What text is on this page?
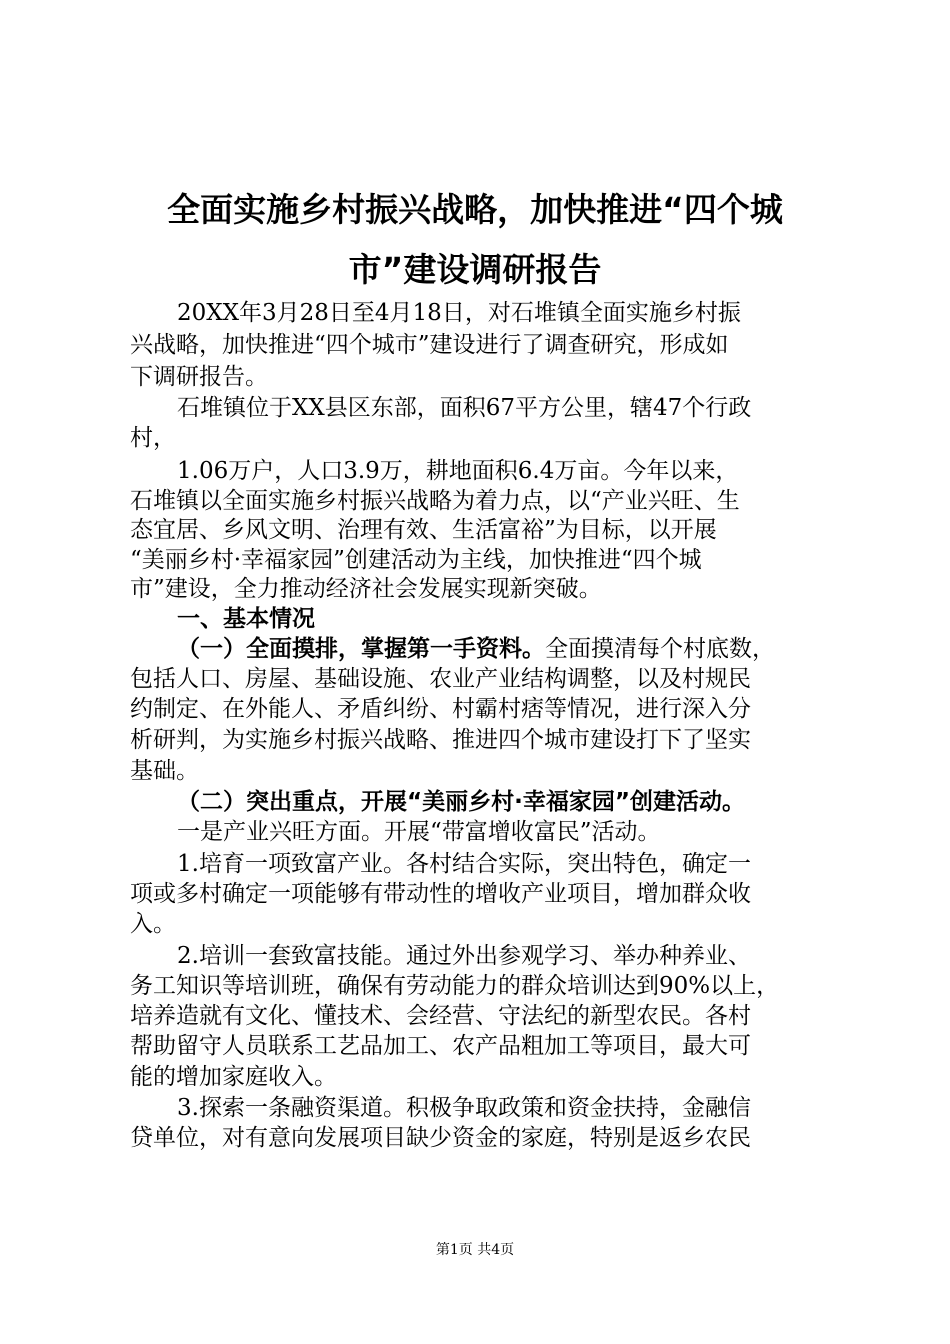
全面实施乡村振兴战略，加快推进“四个城
市”建设调研报告

20XX年3月28日至4月18日，对石堆镇全面实施乡村振

兴战略，加快推进“四个城市”建设进行了调查研究，形成如

下调研报告。

石堆镇位于XX县区东部，面积67平方公里，辖47个行政

村，

1.06万户，人口3.9万，耕地面积6.4万亩。今年以来，

石堆镇以全面实施乡村振兴战略为着力点，以“产业兴旺、生

态宜居、乡风文明、治理有效、生活富裕”为目标，以开展

“美丽乡村·幸福家园”创建活动为主线，加快推进“四个城

市”建设，全力推动经济社会发展实现新突破。

一、基本情况

（一）全面摸排，掌握第一手资料。全面摸清每个村底数，

包括人口、房屋、基础设施、农业产业结构调整，以及村规民

约制定、在外能人、矛盾纠纷、村霸村痞等情况，进行深入分

析研判，为实施乡村振兴战略、推进四个城市建设打下了坚实

基础。

（二）突出重点，开展“美丽乡村·幸福家园”创建活动。

一是产业兴旺方面。开展“带富增收富民”活动。

1.培育一项致富产业。各村结合实际，突出特色，确定一

项或多村确定一项能够有带动性的增收产业项目，增加群众收

入。

2.培训一套致富技能。通过外出参观学习、举办种养业、

务工知识等培训班，确保有劳动能力的群众培训达到90%以上，

培养造就有文化、懂技术、会经营、守法纪的新型农民。各村

帮助留守人员联系工艺品加工、农产品粗加工等项目，最大可

能的增加家庭收入。

3.探索一条融资渠道。积极争取政策和资金扶持，金融信

贷单位，对有意向发展项目缺少资金的家庭，特别是返乡农民

第1页 共4页
